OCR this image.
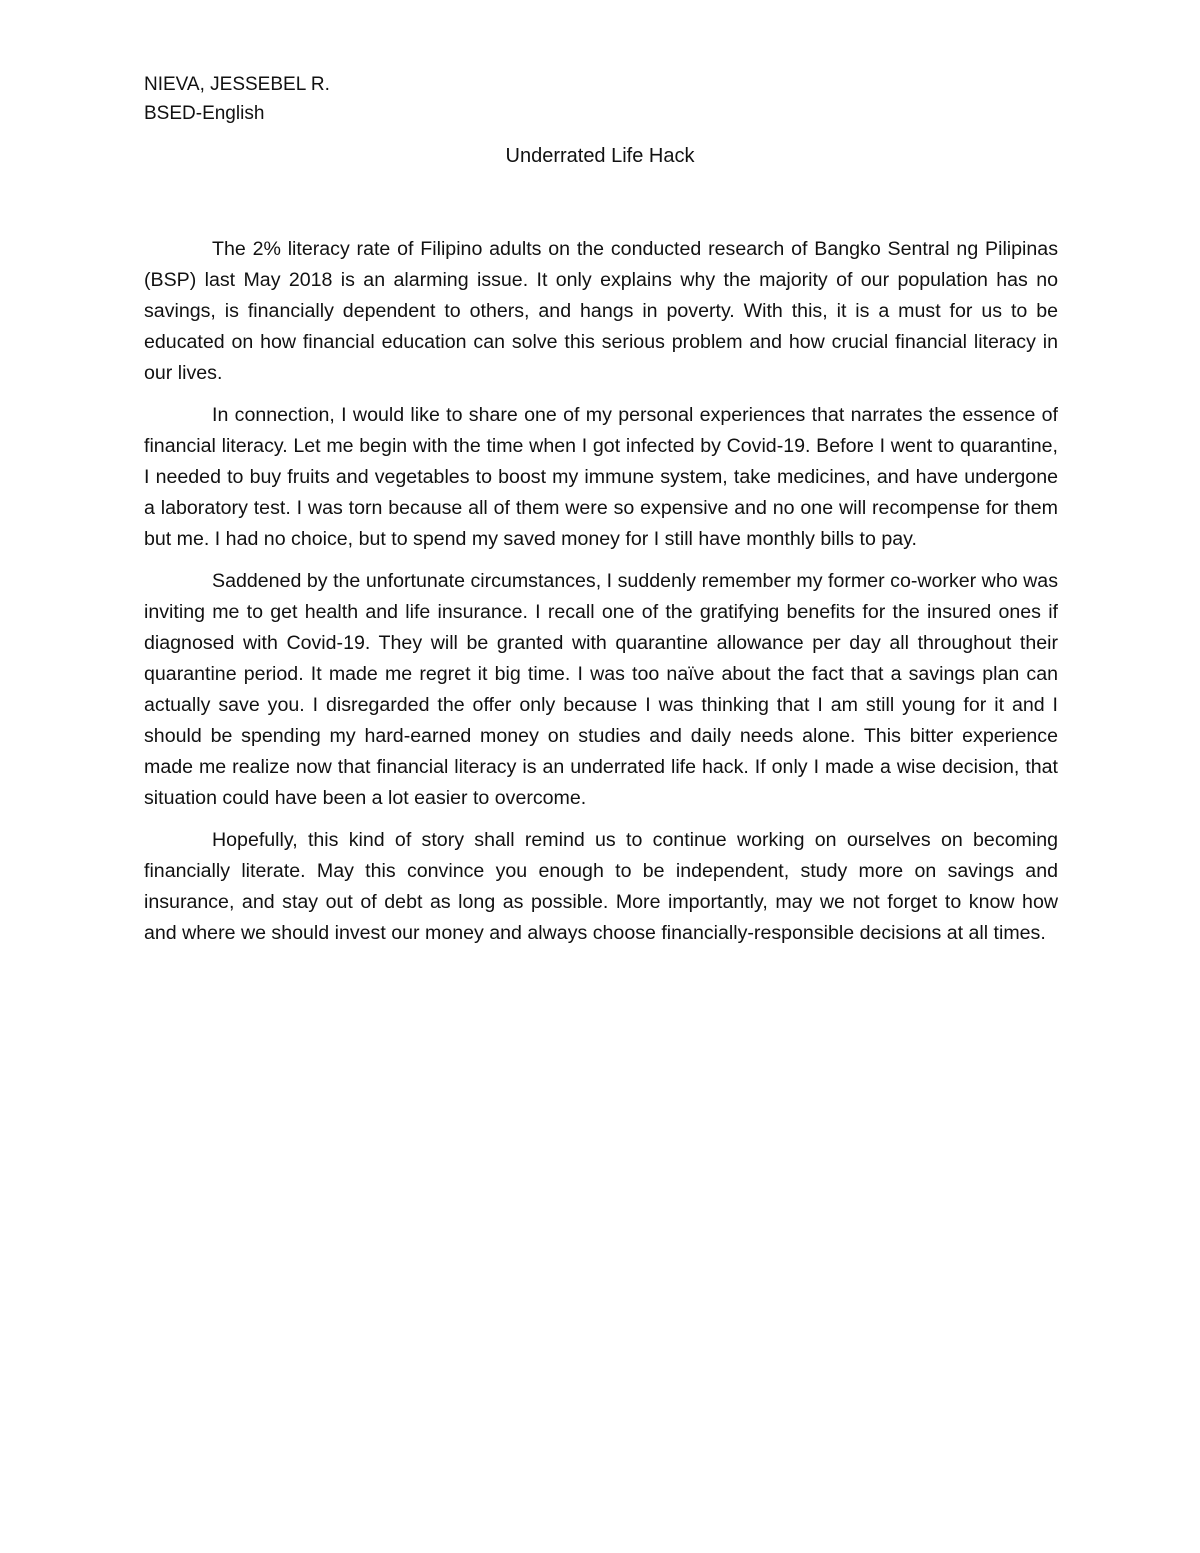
NIEVA, JESSEBEL R.
BSED-English
Underrated Life Hack

The 2% literacy rate of Filipino adults on the conducted research of Bangko Sentral ng Pilipinas (BSP) last May 2018 is an alarming issue. It only explains why the majority of our population has no savings, is financially dependent to others, and hangs in poverty. With this, it is a must for us to be educated on how financial education can solve this serious problem and how crucial financial literacy in our lives.

In connection, I would like to share one of my personal experiences that narrates the essence of financial literacy. Let me begin with the time when I got infected by Covid-19. Before I went to quarantine, I needed to buy fruits and vegetables to boost my immune system, take medicines, and have undergone a laboratory test. I was torn because all of them were so expensive and no one will recompense for them but me. I had no choice, but to spend my saved money for I still have monthly bills to pay.

Saddened by the unfortunate circumstances, I suddenly remember my former co-worker who was inviting me to get health and life insurance. I recall one of the gratifying benefits for the insured ones if diagnosed with Covid-19. They will be granted with quarantine allowance per day all throughout their quarantine period. It made me regret it big time. I was too naïve about the fact that a savings plan can actually save you. I disregarded the offer only because I was thinking that I am still young for it and I should be spending my hard-earned money on studies and daily needs alone. This bitter experience made me realize now that financial literacy is an underrated life hack. If only I made a wise decision, that situation could have been a lot easier to overcome.

Hopefully, this kind of story shall remind us to continue working on ourselves on becoming financially literate. May this convince you enough to be independent, study more on savings and insurance, and stay out of debt as long as possible. More importantly, may we not forget to know how and where we should invest our money and always choose financially-responsible decisions at all times.
